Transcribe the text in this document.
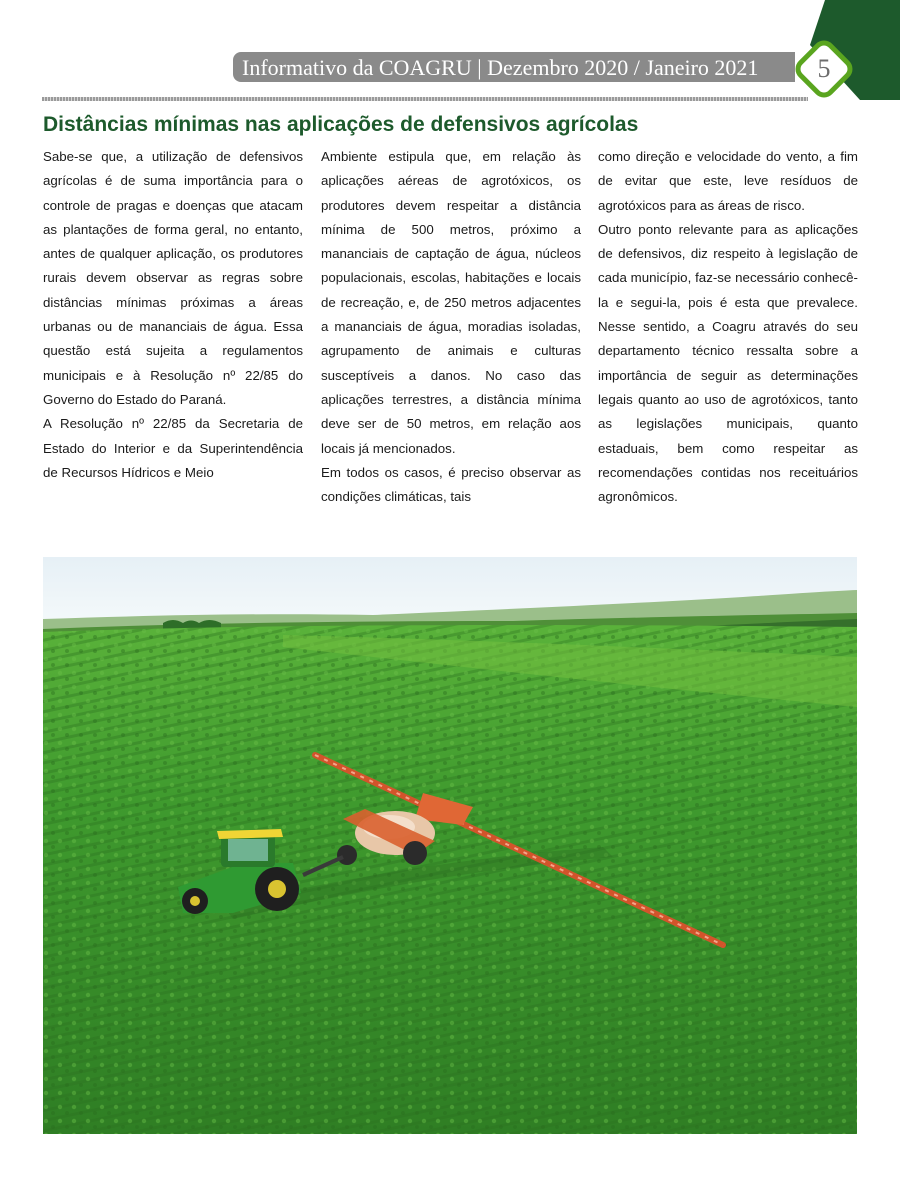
Informativo da COAGRU | Dezembro 2020 / Janeiro 2021	5
Distâncias mínimas nas aplicações de defensivos agrícolas

Sabe-se que, a utilização de defensivos agrícolas é de suma importância para o controle de pragas e doenças que atacam as plantações de forma geral, no entanto, antes de qualquer aplicação, os produtores rurais devem observar as regras sobre distâncias mínimas próximas a áreas urbanas ou de mananciais de água. Essa questão está sujeita a regulamentos municipais e à Resolução nº 22/85 do Governo do Estado do Paraná.

A Resolução nº 22/85 da Secretaria de Estado do Interior e da Superintendência de Recursos Hídricos e Meio

Ambiente estipula que, em relação às aplicações aéreas de agrotóxicos, os produtores devem respeitar a distância mínima de 500 metros, próximo a mananciais de captação de água, núcleos populacionais, escolas, habitações e locais de recreação, e, de 250 metros adjacentes a mananciais de água, moradias isoladas, agrupamento de animais e culturas susceptíveis a danos. No caso das aplicações terrestres, a distância mínima deve ser de 50 metros, em relação aos locais já mencionados.

Em todos os casos, é preciso observar as condições climáticas, tais

como direção e velocidade do vento, a fim de evitar que este, leve resíduos de agrotóxicos para as áreas de risco.

Outro ponto relevante para as aplicações de defensivos, diz respeito à legislação de cada município, faz-se necessário conhecê-la e segui-la, pois é esta que prevalece. Nesse sentido, a Coagru através do seu departamento técnico ressalta sobre a importância de seguir as determinações legais quanto ao uso de agrotóxicos, tanto as legislações municipais, quanto estaduais, bem como respeitar as recomendações contidas nos receituários agronômicos.
